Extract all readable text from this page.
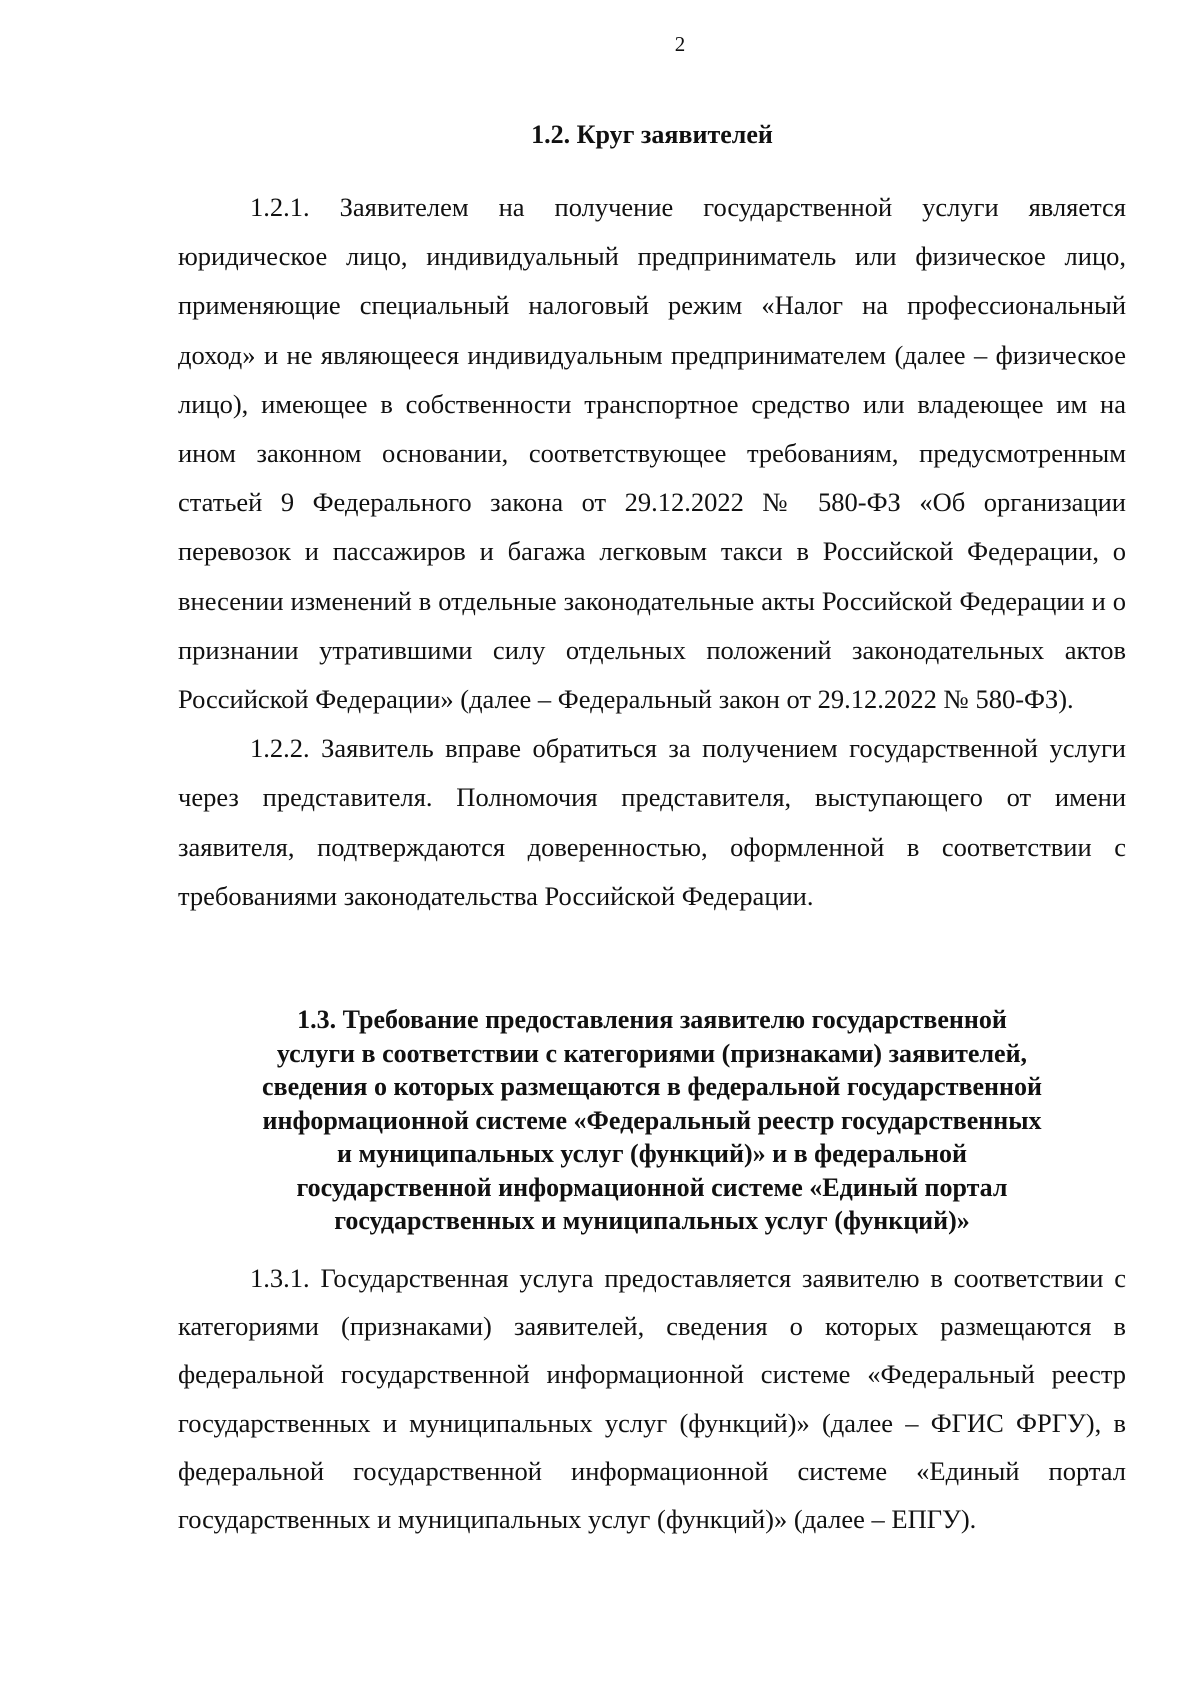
2
1.2. Круг заявителей

1.2.1. Заявителем на получение государственной услуги является юридическое лицо, индивидуальный предприниматель или физическое лицо, применяющие специальный налоговый режим «Налог на профессиональный доход» и не являющееся индивидуальным предпринимателем (далее – физическое лицо), имеющее в собственности транспортное средство или владеющее им на ином законном основании, соответствующее требованиям, предусмотренным статьей 9 Федерального закона от 29.12.2022 № 580-ФЗ «Об организации перевозок и пассажиров и багажа легковым такси в Российской Федерации, о внесении изменений в отдельные законодательные акты Российской Федерации и о признании утратившими силу отдельных положений законодательных актов Российской Федерации» (далее – Федеральный закон от 29.12.2022 № 580-ФЗ).

1.2.2. Заявитель вправе обратиться за получением государственной услуги через представителя. Полномочия представителя, выступающего от имени заявителя, подтверждаются доверенностью, оформленной в соответствии с требованиями законодательства Российской Федерации.

1.3. Требование предоставления заявителю государственной
услуги в соответствии с категориями (признаками) заявителей,
сведения о которых размещаются в федеральной государственной
информационной системе «Федеральный реестр государственных
и муниципальных услуг (функций)» и в федеральной
государственной информационной системе «Единый портал
государственных и муниципальных услуг (функций)»

1.3.1. Государственная услуга предоставляется заявителю в соответствии с категориями (признаками) заявителей, сведения о которых размещаются в федеральной государственной информационной системе «Федеральный реестр государственных и муниципальных услуг (функций)» (далее – ФГИС ФРГУ), в федеральной государственной информационной системе «Единый портал государственных и муниципальных услуг (функций)» (далее – ЕПГУ).
